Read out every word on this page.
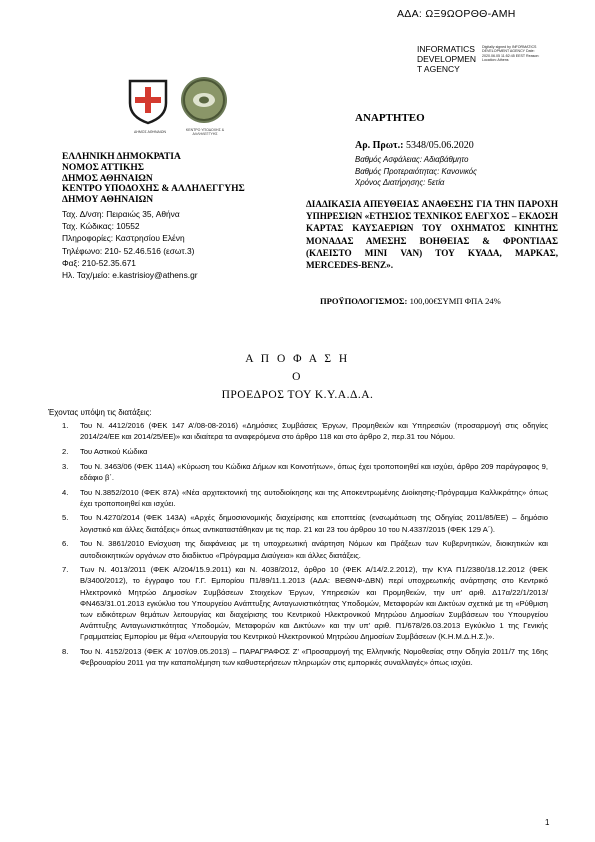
ΑΔΑ: ΩΞ9ΩΟΡΘΘ-ΑΜΗ
ΔΗΜΟΣ ΑΘΗΝΑΙΩΝ	ΚΕΝΤΡΟ ΥΠΟΔΟΧΗΣ & ΑΛΛΗΛΕΓΓΥΗΣ
INFORMATICS DEVELOPMEN T AGENCY
Digitally signed by INFORMATICS DEVELOPMENT AGENCY Date: 2020.06.05 11:52:45 EEST Reason: Location: Athens
ΑΝΑΡΤΗΤΕΟ
Αρ. Πρωτ.: 5348/05.06.2020
ΕΛΛΗΝΙΚΗ ΔΗΜΟΚΡΑΤΙΑ
ΝΟΜΟΣ ΑΤΤΙΚΗΣ
ΔΗΜΟΣ ΑΘΗΝΑΙΩΝ
ΚΕΝΤΡΟ ΥΠΟΔΟΧΗΣ & ΑΛΛΗΛΕΓΓΥΗΣ
ΔΗΜΟΥ ΑΘΗΝΑΙΩΝ
Ταχ. Δ/νση: Πειραιώς 35, Αθήνα
Ταχ. Κώδικας: 10552
Πληροφορίες: Καστρησίου Ελένη
Τηλέφωνο: 210- 52.46.516 (εσωτ.3)
Φαξ: 210-52.35.671
Ηλ. Ταχ/μείο: e.kastrisioy@athens.gr
Βαθμός Ασφάλειας: Αδιαβάθμητο
Βαθμός Προτεραιότητας: Κανονικός
Χρόνος Διατήρησης: 5ετία
ΔΙΑΔΙΚΑΣΙΑ ΑΠΕΥΘΕΙΑΣ ΑΝΑΘΕΣΗΣ ΓΙΑ ΤΗΝ ΠΑΡΟΧΗ ΥΠΗΡΕΣΙΩΝ «ΕΤΗΣΙΟΣ ΤΕΧΝΙΚΟΣ ΕΛΕΓΧΟΣ – ΕΚΔΟΣΗ ΚΑΡΤΑΣ ΚΑΥΣΑΕΡΙΩΝ ΤΟΥ ΟΧΗΜΑΤΟΣ ΚΙΝΗΤΗΣ ΜΟΝΑΔΑΣ ΑΜΕΣΗΣ ΒΟΗΘΕΙΑΣ & ΦΡΟΝΤΙΔΑΣ (ΚΛΕΙΣΤΟ ΜΙΝΙ VAN) ΤΟΥ ΚΥΑΔΑ, ΜΑΡΚΑΣ, MERCEDES-BENZ».
ΠΡΟΫΠΟΛΟΓΙΣΜΟΣ: 100,00€ΣΥΜΠ ΦΠΑ 24%
Α Π Ο Φ Α Σ Η
Ο
ΠΡΟΕΔΡΟΣ ΤΟΥ Κ.Υ.Α.Δ.Α.
Έχοντας υπόψη τις διατάξεις:
1. Του Ν. 4412/2016 (ΦΕΚ 147 Α’/08-08-2016) «Δημόσιες Συμβάσεις Έργων, Προμηθειών και Υπηρεσιών (προσαρμογή στις οδηγίες 2014/24/ΕΕ και 2014/25/ΕΕ)» και ιδιαίτερα τα αναφερόμενα στο άρθρο 118 και στο άρθρο 2, περ.31 του Νόμου.
2. Του Αστικού Κώδικα
3. Του Ν. 3463/06 (ΦΕΚ 114Α) «Κύρωση του Κώδικα Δήμων και Κοινοτήτων», όπως έχει τροποποιηθεί και ισχύει, άρθρο 209 παράγραφος 9, εδάφιο β΄.
4. Του Ν.3852/2010 (ΦΕΚ 87Α) «Νέα αρχιτεκτονική της αυτοδιοίκησης και της Αποκεντρωμένης Διοίκησης-Πρόγραμμα Καλλικράτης» όπως έχει τροποποιηθεί και ισχύει.
5. Του Ν.4270/2014 (ΦΕΚ 143Α) «Αρχές δημοσιονομικής διαχείρισης και εποπτείας (ενσωμάτωση της Οδηγίας 2011/85/ΕΕ) – δημόσιο λογιστικό και άλλες διατάξεις» όπως αντικαταστάθηκαν με τις παρ. 21 και 23 του άρθρου 10 του Ν.4337/2015 (ΦΕΚ 129 Α΄).
6. Του Ν. 3861/2010 Ενίσχυση της διαφάνειας με τη υποχρεωτική ανάρτηση Νόμων και Πράξεων των Κυβερνητικών, διοικητικών και αυτοδιοικητικών οργάνων στο διαδίκτυο «Πρόγραμμα Διαύγεια» και άλλες διατάξεις.
7. Των Ν. 4013/2011 (ΦΕΚ Α/204/15.9.2011) και Ν. 4038/2012, άρθρο 10 (ΦΕΚ Α/14/2.2.2012), την ΚΥΑ Π1/2380/18.12.2012 (ΦΕΚ Β/3400/2012), το έγγραφο του Γ.Γ. Εμπορίου Π1/89/11.1.2013 (ΑΔΑ: ΒΕΘΝΦ-ΔΒΝ) περί υποχρεωτικής ανάρτησης στο Κεντρικό Ηλεκτρονικό Μητρώο Δημοσίων Συμβάσεων Στοιχείων Έργων, Υπηρεσιών και Προμηθειών, την υπ’ αριθ. Δ17α/22/1/2013/ΦΝ463/31.01.2013 εγκύκλιο του Υπουργείου Ανάπτυξης Ανταγωνιστικότητας Υποδομών, Μεταφορών και Δικτύων σχετικά με τη «Ρύθμιση των ειδικότερων θεμάτων λειτουργίας και διαχείρισης του Κεντρικού Ηλεκτρονικού Μητρώου Δημοσίων Συμβάσεων του Υπουργείου Ανάπτυξης Ανταγωνιστικότητας Υποδομών, Μεταφορών και Δικτύων» και την υπ’ αριθ. Π1/678/26.03.2013 Εγκύκλιο 1 της Γενικής Γραμματείας Εμπορίου με θέμα «Λειτουργία του Κεντρικού Ηλεκτρονικού Μητρώου Δημοσίων Συμβάσεων (Κ.Η.Μ.Δ.Η.Σ.)».
8. Του Ν. 4152/2013 (ΦΕΚ Α’ 107/09.05.2013) – ΠΑΡΑΓΡΑΦΟΣ Ζ’ «Προσαρμογή της Ελληνικής Νομοθεσίας στην Οδηγία 2011/7 της 16ης Φεβρουαρίου 2011 για την καταπολέμηση των καθυστερήσεων πληρωμών στις εμπορικές συναλλαγές» όπως ισχύει.
1
